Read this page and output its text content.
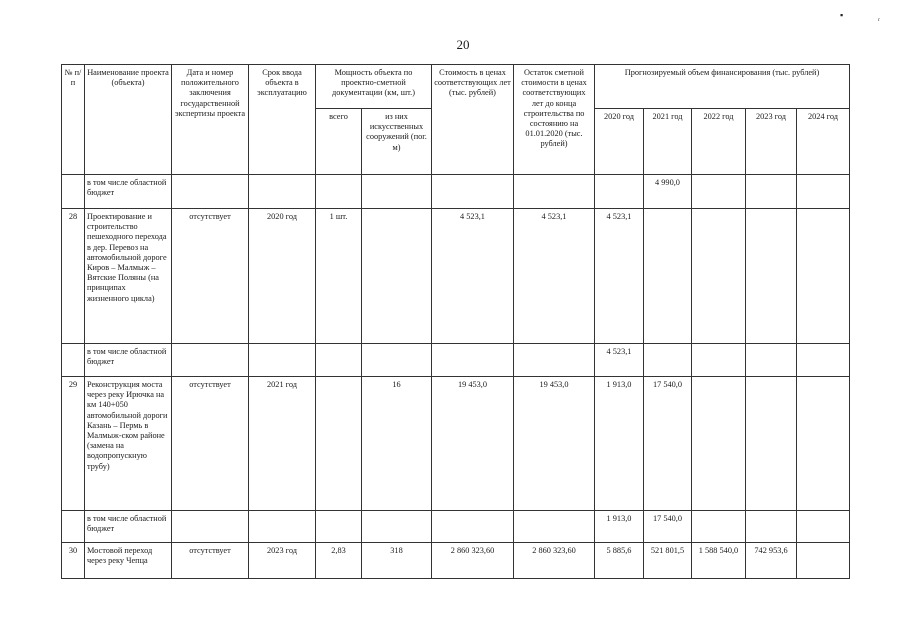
▪	ᵣ
20
№ п/п	Наименование проекта (объекта)	Дата и номер положительного заключения государственной экспертизы проекта	Срок ввода объекта в эксплуатацию	Мощность объекта по проектно-сметной документации (км, шт.)		Стоимость в ценах соответствующих лет (тыс. рублей)	Остаток сметной стоимости в ценах соответствующих лет до конца строительства по состоянию на 01.01.2020 (тыс. рублей)	Прогнозируемый объем финансирования (тыс. рублей)				
				всего	из них искусственных сооружений (пог. м)			2020 год	2021 год	2022 год	2023 год	2024 год
	в том числе областной бюджет								4 990,0			
28	Проектирование и строительство пешеходного перехода в дер. Перевоз на автомобильной дороге Киров – Малмыж – Вятские Поляны (на принципах жизненного цикла)	отсутствует	2020 год	1 шт.		4 523,1	4 523,1	4 523,1				
	в том числе областной бюджет							4 523,1				
29	Реконструкция моста через реку Ирючка на км 140+050 автомобильной дороги Казань – Пермь в Малмыж-ском районе (замена на водопропускную трубу)	отсутствует	2021 год		16	19 453,0	19 453,0	1 913,0	17 540,0			
	в том числе областной бюджет							1 913,0	17 540,0			
30	Мостовой переход через реку Чепца	отсутствует	2023 год	2,83	318	2 860 323,60	2 860 323,60	5 885,6	521 801,5	1 588 540,0	742 953,6	
